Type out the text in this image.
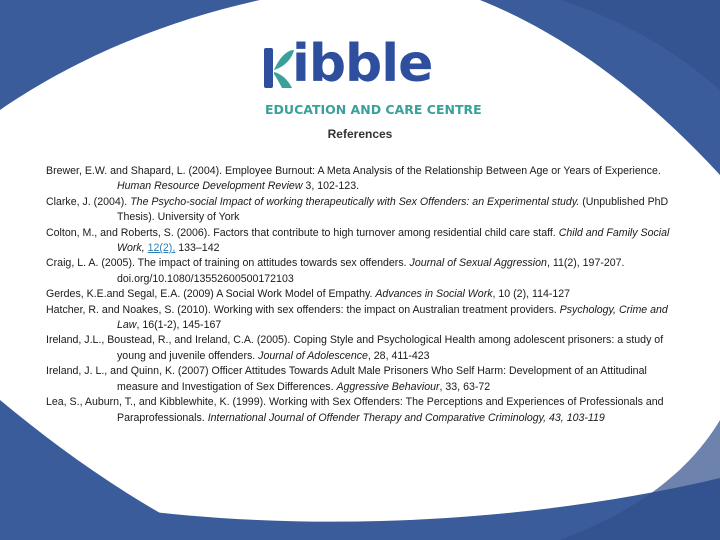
ibble
EDUCATION AND CARE CENTRE
References

Brewer, E.W. and Shapard, L. (2004). Employee Burnout: A Meta Analysis of the Relationship Between Age or Years of Experience. Human Resource Development Review 3, 102-123.

Clarke, J. (2004). The Psycho-social Impact of working therapeutically with Sex Offenders: an Experimental study. (Unpublished PhD Thesis). University of York

Colton, M., and Roberts, S. (2006). Factors that contribute to high turnover among residential child care staff. Child and Family Social Work, 12(2), 133–142

Craig, L. A. (2005). The impact of training on attitudes towards sex offenders. Journal of Sexual Aggression, 11(2), 197-207. doi.org/10.1080/13552600500172103

Gerdes, K.E.and Segal, E.A. (2009) A Social Work Model of Empathy. Advances in Social Work, 10 (2), 114-127

Hatcher, R. and Noakes, S. (2010). Working with sex offenders: the impact on Australian treatment providers. Psychology, Crime and Law, 16(1-2), 145-167

Ireland, J.L., Boustead, R., and Ireland, C.A. (2005). Coping Style and Psychological Health among adolescent prisoners: a study of young and juvenile offenders. Journal of Adolescence, 28, 411-423

Ireland, J. L., and Quinn, K. (2007) Officer Attitudes Towards Adult Male Prisoners Who Self Harm: Development of an Attitudinal measure and Investigation of Sex Differences. Aggressive Behaviour, 33, 63-72

Lea, S., Auburn, T., and Kibblewhite, K. (1999). Working with Sex Offenders: The Perceptions and Experiences of Professionals and Paraprofessionals. International Journal of Offender Therapy and Comparative Criminology, 43, 103-119
